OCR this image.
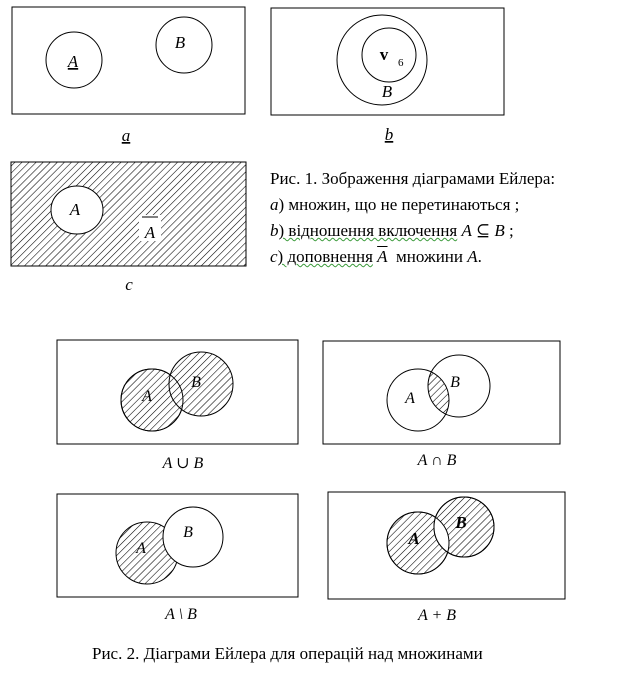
A
B
a
v 6
B
b
A
A
c
A
B
A ∪ B
A
B
A ∩ B
A
B
A \ B
A
B
A + B
Рис. 1. Зображення діаграмами Ейлера:
a) множин, що не перетинаються ;
b) відношення включення A ⊆ B ;
c) доповнення $\overline{A}$ множини A.
Рис. 2. Діаграми Ейлера для операцій над множинами
